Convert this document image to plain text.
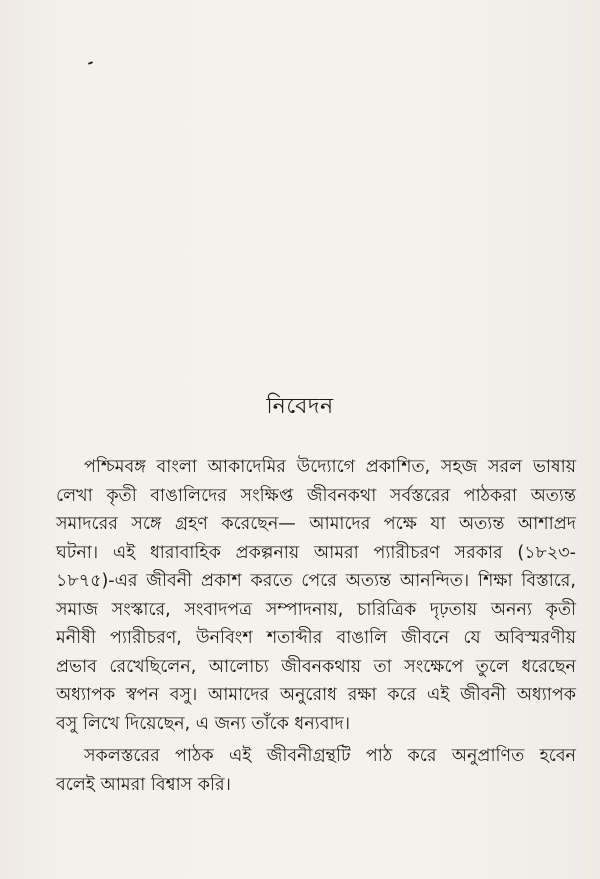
নিবেদন
পশ্চিমবঙ্গ বাংলা আকাদেমির উদ্যোগে প্রকাশিত, সহজ সরল ভাষায়
লেখা কৃতী বাঙালিদের সংক্ষিপ্ত জীবনকথা সর্বস্তরের পাঠকরা অত্যন্ত
সমাদরের সঙ্গে গ্রহণ করেছেন— আমাদের পক্ষে যা অত্যন্ত আশাপ্রদ
ঘটনা। এই ধারাবাহিক প্রকল্পনায় আমরা প্যারীচরণ সরকার (১৮২৩-
১৮৭৫)-এর জীবনী প্রকাশ করতে পেরে অত্যন্ত আনন্দিত। শিক্ষা বিস্তারে,
সমাজ সংস্কারে, সংবাদপত্র সম্পাদনায়, চারিত্রিক দৃঢ়তায় অনন্য কৃতী
মনীষী প্যারীচরণ, উনবিংশ শতাব্দীর বাঙালি জীবনে যে অবিস্মরণীয়
প্রভাব রেখেছিলেন, আলোচ্য জীবনকথায় তা সংক্ষেপে তুলে ধরেছেন
অধ্যাপক স্বপন বসু। আমাদের অনুরোধ রক্ষা করে এই জীবনী অধ্যাপক
বসু লিখে দিয়েছেন, এ জন্য তাঁকে ধন্যবাদ।
সকলস্তরের পাঠক এই জীবনীগ্রন্থটি পাঠ করে অনুপ্রাণিত হবেন
বলেই আমরা বিশ্বাস করি।
